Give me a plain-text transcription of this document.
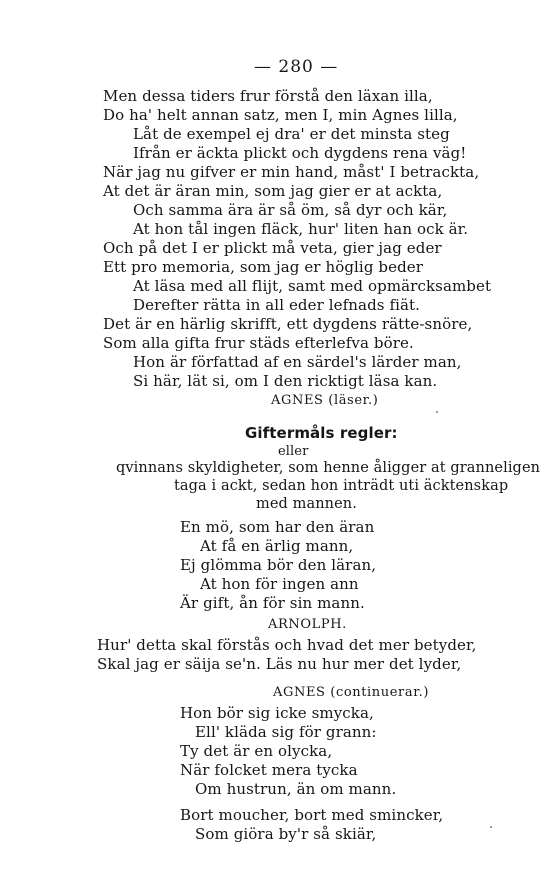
— 280 —
Men dessa tiders frur förstå den läxan illa,
Do ha' helt annan satz, men I, min Agnes lilla,
Låt de exempel ej dra' er det minsta steg
Ifrån er äckta plickt och dygdens rena väg!
När jag nu gifver er min hand, måst' I betrackta,
At det är äran min, som jag gier er at ackta,
Och samma ära är så öm, så dyr och kär,
At hon tål ingen fläck, hur' liten han ock är.
Och på det I er plickt må veta, gier jag eder
Ett pro memoria, som jag er höglig beder
At läsa med all flijt, samt med opmärcksambet
Derefter rätta in all eder lefnads fiät.
Det är en härlig skrifft, ett dygdens rätte-snöre,
Som alla gifta frur städs efterlefva böre.
Hon är författad af en särdel's lärder man,
Si här, lät si, om I den ricktigt läsa kan.
AGNES (läser.)
Giftermåls regler:
eller
qvinnans skyldigheter, som henne åligger at granneligen
taga i ackt, sedan hon inträdt uti äcktenskap
med mannen.
En mö, som har den äran
At få en ärlig mann,
Ej glömma bör den läran,
At hon för ingen ann
Är gift, ån för sin mann.
ARNOLPH.
Hur' detta skal förstås och hvad det mer betyder,
Skal jag er säija se'n. Läs nu hur mer det lyder,
AGNES (continuerar.)
Hon bör sig icke smycka,
Ell' kläda sig för grann:
Ty det är en olycka,
När folcket mera tycka
Om hustrun, än om mann.
Bort moucher, bort med smincker,
Som giöra by'r så skiär,
